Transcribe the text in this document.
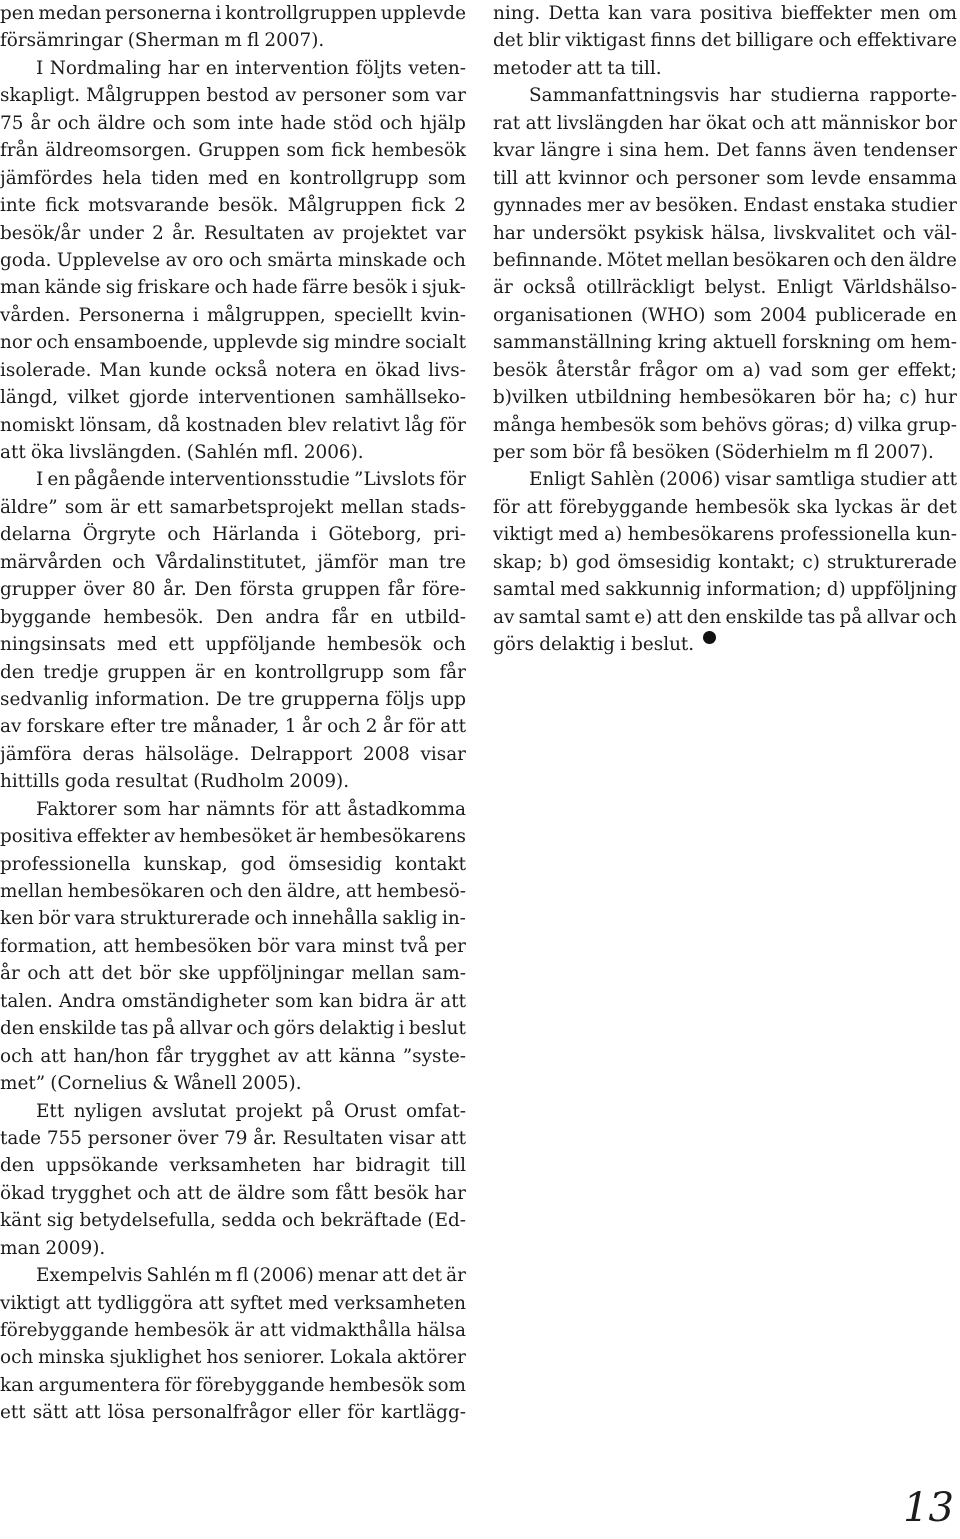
pen medan personerna i kontrollgruppen upplevde
försämringar (Sherman m fl 2007).
I Nordmaling har en intervention följts veten-
skapligt. Målgruppen bestod av personer som var
75 år och äldre och som inte hade stöd och hjälp
från äldreomsorgen. Gruppen som fick hembesök
jämfördes hela tiden med en kontrollgrupp som
inte fick motsvarande besök. Målgruppen fick 2
besök/år under 2 år. Resultaten av projektet var
goda. Upplevelse av oro och smärta minskade och
man kände sig friskare och hade färre besök i sjuk-
vården. Personerna i målgruppen, speciellt kvin-
nor och ensamboende, upplevde sig mindre socialt
isolerade. Man kunde också notera en ökad livs-
längd, vilket gjorde interventionen samhällseko-
nomiskt lönsam, då kostnaden blev relativt låg för
att öka livslängden. (Sahlén mfl. 2006).
I en pågående interventionsstudie ”Livslots för
äldre” som är ett samarbetsprojekt mellan stads-
delarna Örgryte och Härlanda i Göteborg, pri-
märvården och Vårdalinstitutet, jämför man tre
grupper över 80 år. Den första gruppen får före-
byggande hembesök. Den andra får en utbild-
ningsinsats med ett uppföljande hembesök och
den tredje gruppen är en kontrollgrupp som får
sedvanlig information. De tre grupperna följs upp
av forskare efter tre månader, 1 år och 2 år för att
jämföra deras hälsoläge. Delrapport 2008 visar
hittills goda resultat (Rudholm 2009).
Faktorer som har nämnts för att åstadkomma
positiva effekter av hembesöket är hembesökarens
professionella kunskap, god ömsesidig kontakt
mellan hembesökaren och den äldre, att hembesö-
ken bör vara strukturerade och innehålla saklig in-
formation, att hembesöken bör vara minst två per
år och att det bör ske uppföljningar mellan sam-
talen. Andra omständigheter som kan bidra är att
den enskilde tas på allvar och görs delaktig i beslut
och att han/hon får trygghet av att känna ”syste-
met” (Cornelius & Wånell 2005).
Ett nyligen avslutat projekt på Orust omfat-
tade 755 personer över 79 år. Resultaten visar att
den uppsökande verksamheten har bidragit till
ökad trygghet och att de äldre som fått besök har
känt sig betydelsefulla, sedda och bekräftade (Ed-
man 2009).
Exempelvis Sahlén m fl (2006) menar att det är
viktigt att tydliggöra att syftet med verksamheten
förebyggande hembesök är att vidmakthålla hälsa
och minska sjuklighet hos seniorer. Lokala aktörer
kan argumentera för förebyggande hembesök som
ett sätt att lösa personalfrågor eller för kartlägg-
ning. Detta kan vara positiva bieffekter men om
det blir viktigast finns det billigare och effektivare
metoder att ta till.
Sammanfattningsvis har studierna rapporte-
rat att livslängden har ökat och att människor bor
kvar längre i sina hem. Det fanns även tendenser
till att kvinnor och personer som levde ensamma
gynnades mer av besöken. Endast enstaka studier
har undersökt psykisk hälsa, livskvalitet och väl-
befinnande. Mötet mellan besökaren och den äldre
är också otillräckligt belyst. Enligt Världshälso-
organisationen (WHO) som 2004 publicerade en
sammanställning kring aktuell forskning om hem-
besök återstår frågor om a) vad som ger effekt;
b)vilken utbildning hembesökaren bör ha; c) hur
många hembesök som behövs göras; d) vilka grup-
per som bör få besöken (Söderhielm m fl 2007).
Enligt Sahlèn (2006) visar samtliga studier att
för att förebyggande hembesök ska lyckas är det
viktigt med a) hembesökarens professionella kun-
skap; b) god ömsesidig kontakt; c) strukturerade
samtal med sakkunnig information; d) uppföljning
av samtal samt e) att den enskilde tas på allvar och
görs delaktig i beslut.
13
